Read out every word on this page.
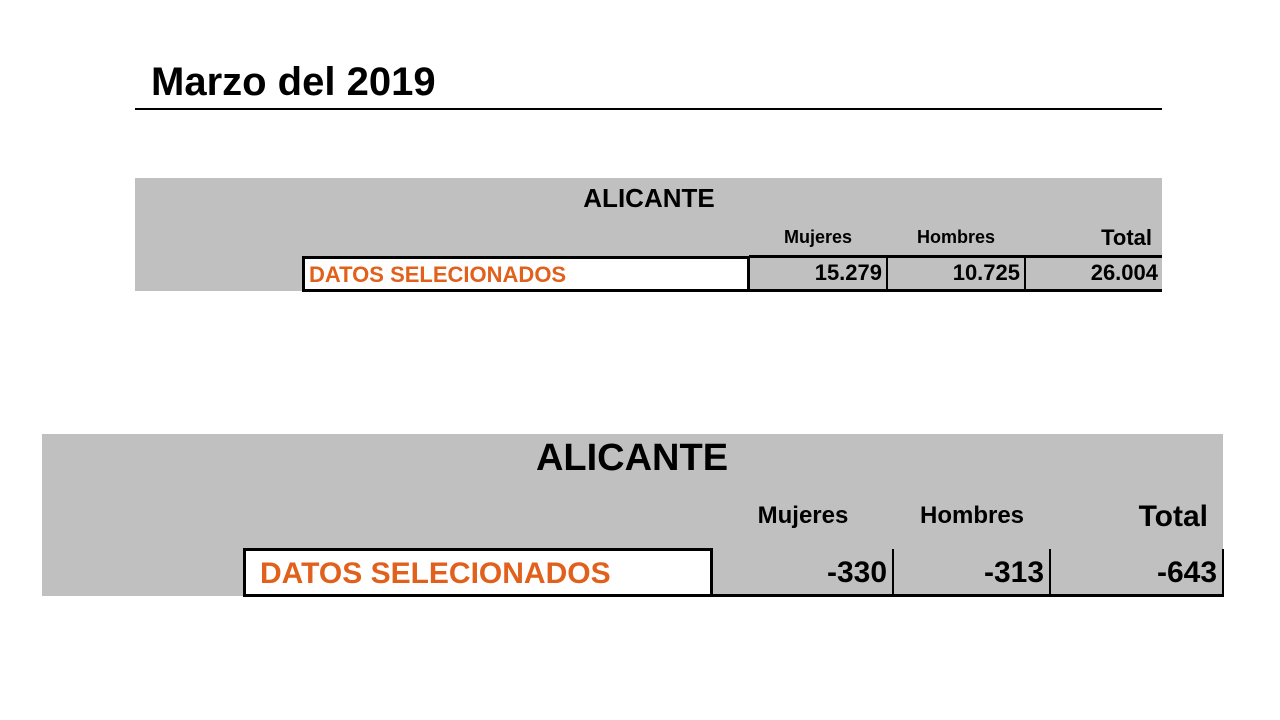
Marzo del 2019
ALICANTE
Mujeres	Hombres	Total
DATOS SELECIONADOS	15.279	10.725	26.004
ALICANTE
Mujeres	Hombres	Total
DATOS SELECIONADOS	-330	-313	-643
